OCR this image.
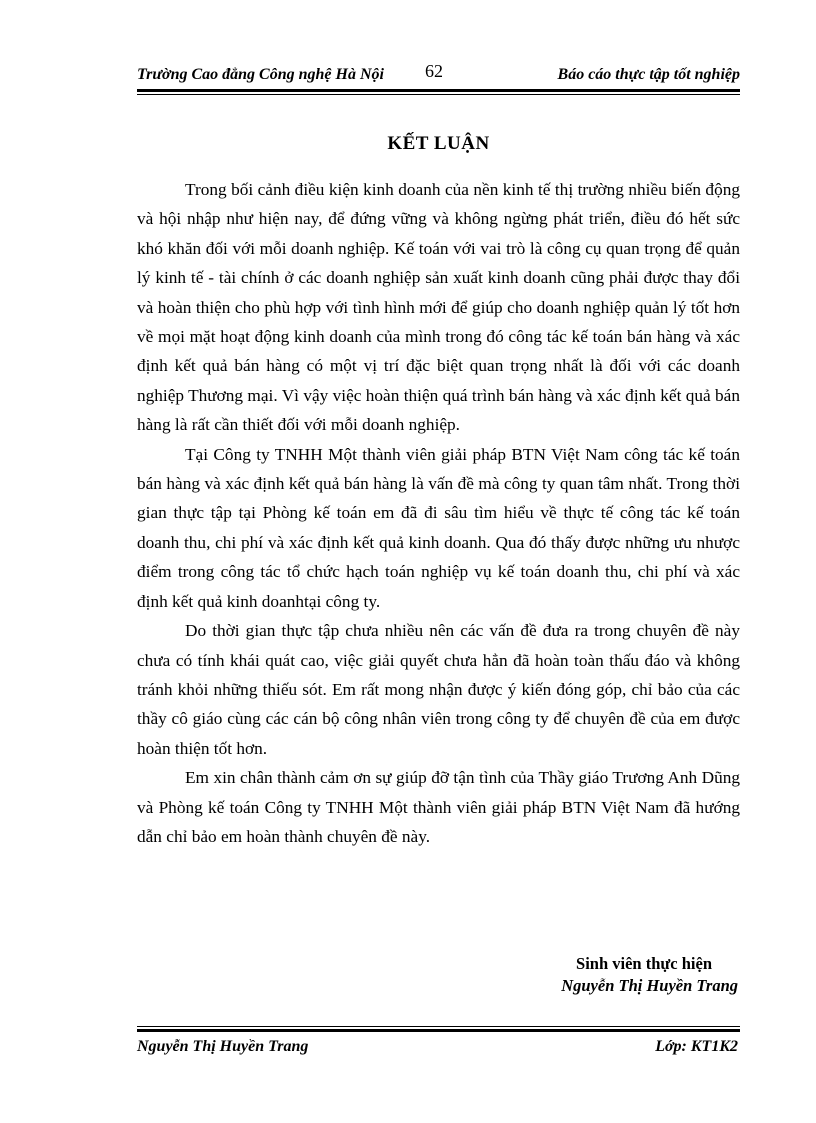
Trường Cao đẳng Công nghệ Hà Nội 62	Báo cáo thực tập tốt nghiệp
KẾT LUẬN

Trong bối cảnh điều kiện kinh doanh của nền kinh tế thị trường nhiều biến động và hội nhập như hiện nay, để đứng vững và không ngừng phát triển, điều đó hết sức khó khăn đối với mỗi doanh nghiệp. Kế toán với vai trò là công cụ quan trọng để quản lý kinh tế - tài chính ở các doanh nghiệp sản xuất kinh doanh cũng phải được thay đổi và hoàn thiện cho phù hợp với tình hình mới để giúp cho doanh nghiệp quản lý tốt hơn về mọi mặt hoạt động kinh doanh của mình trong đó công tác kế toán bán hàng và xác định kết quả bán hàng có một vị trí đặc biệt quan trọng nhất là đối với các doanh nghiệp Thương mại. Vì vậy việc hoàn thiện quá trình bán hàng và xác định kết quả bán hàng là rất cần thiết đối với mỗi doanh nghiệp.

Tại Công ty TNHH Một thành viên giải pháp BTN Việt Nam công tác kế toán bán hàng và xác định kết quả bán hàng là vấn đề mà công ty quan tâm nhất. Trong thời gian thực tập tại Phòng kế toán em đã đi sâu tìm hiểu về thực tế công tác kế toán doanh thu, chi phí và xác định kết quả kinh doanh. Qua đó thấy được những ưu nhược điểm trong công tác tổ chức hạch toán nghiệp vụ kế toán doanh thu, chi phí và xác định kết quả kinh doanhtại công ty.

Do thời gian thực tập chưa nhiều nên các vấn đề đưa ra trong chuyên đề này chưa có tính khái quát cao, việc giải quyết chưa hẳn đã hoàn toàn thấu đáo và không tránh khỏi những thiếu sót. Em rất mong nhận được ý kiến đóng góp, chỉ bảo của các thầy cô giáo cùng các cán bộ công nhân viên trong công ty để chuyên đề của em được hoàn thiện tốt hơn.

Em xin chân thành cảm ơn sự giúp đỡ tận tình của Thầy giáo Trương Anh Dũng và Phòng kế toán Công ty TNHH Một thành viên giải pháp BTN Việt Nam đã hướng dẫn chỉ bảo em hoàn thành chuyên đề này.

Sinh viên thực hiện
Nguyễn Thị Huyền Trang
Nguyễn Thị Huyền Trang	Lớp: KT1K2
